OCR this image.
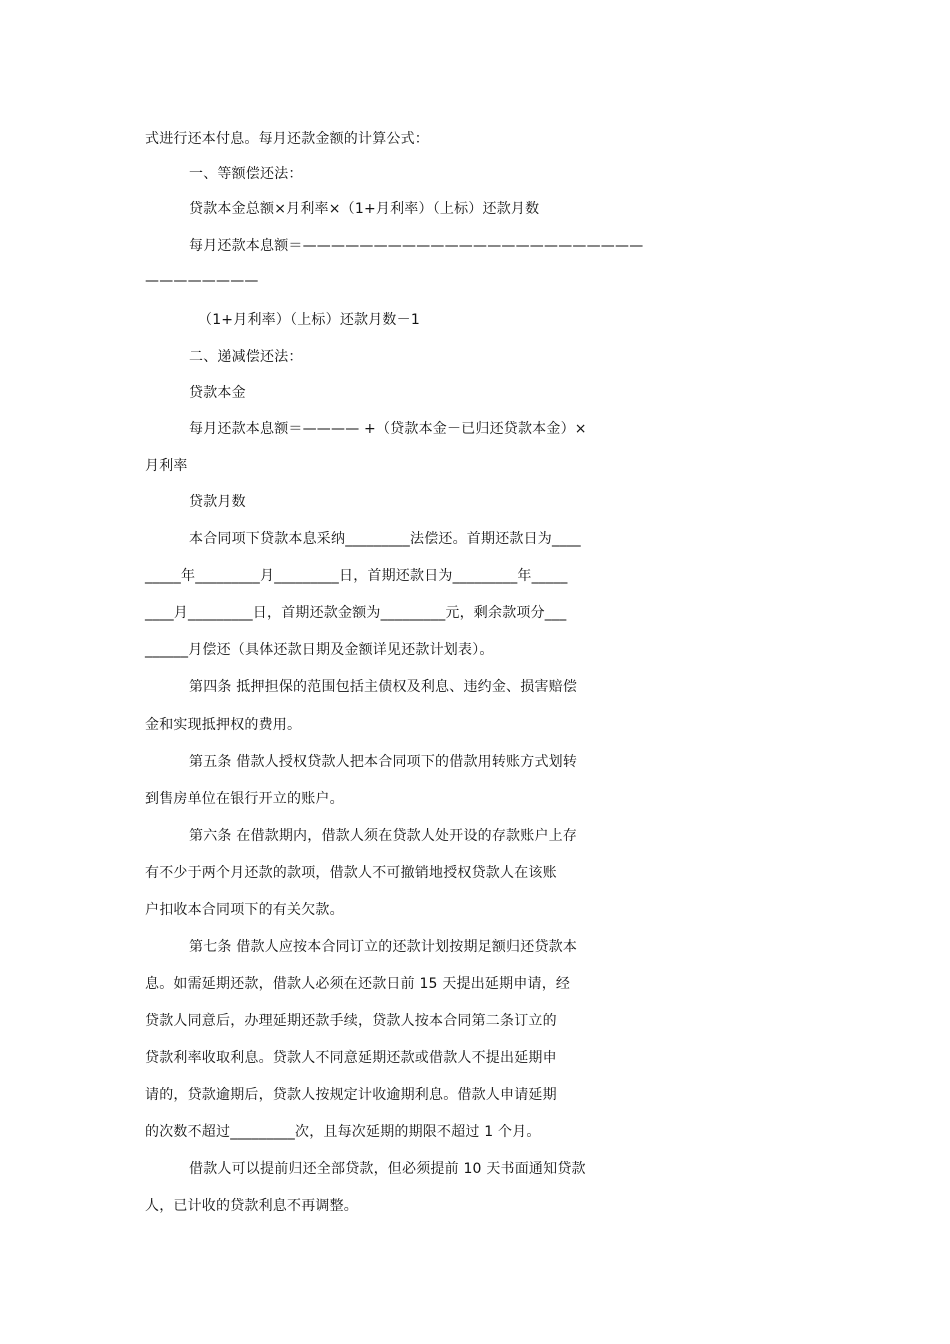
式进行还本付息。每月还款金额的计算公式：
一、等额偿还法：
贷款本金总额×月利率×（1+月利率）（上标）还款月数
每月还款本息额＝————————————————————————
————————
（1+月利率）（上标）还款月数－1
二、递减偿还法：
贷款本金
每月还款本息额＝———— +（贷款本金－已归还贷款本金）×
月利率
贷款月数
本合同项下贷款本息采纳_________法偿还。首期还款日为____
_____年_________月_________日，首期还款日为_________年_____
____月_________日，首期还款金额为_________元，剩余款项分___
______月偿还（具体还款日期及金额详见还款计划表）。
第四条 抵押担保的范围包括主债权及利息、违约金、损害赔偿
金和实现抵押权的费用。
第五条 借款人授权贷款人把本合同项下的借款用转账方式划转
到售房单位在银行开立的账户。
第六条 在借款期内，借款人须在贷款人处开设的存款账户上存
有不少于两个月还款的款项，借款人不可撤销地授权贷款人在该账
户扣收本合同项下的有关欠款。
第七条 借款人应按本合同订立的还款计划按期足额归还贷款本
息。如需延期还款，借款人必须在还款日前 15 天提出延期申请，经
贷款人同意后，办理延期还款手续，贷款人按本合同第二条订立的
贷款利率收取利息。贷款人不同意延期还款或借款人不提出延期申
请的，贷款逾期后，贷款人按规定计收逾期利息。借款人申请延期
的次数不超过_________次，且每次延期的期限不超过 1 个月。
借款人可以提前归还全部贷款，但必须提前 10 天书面通知贷款
人，已计收的贷款利息不再调整。
